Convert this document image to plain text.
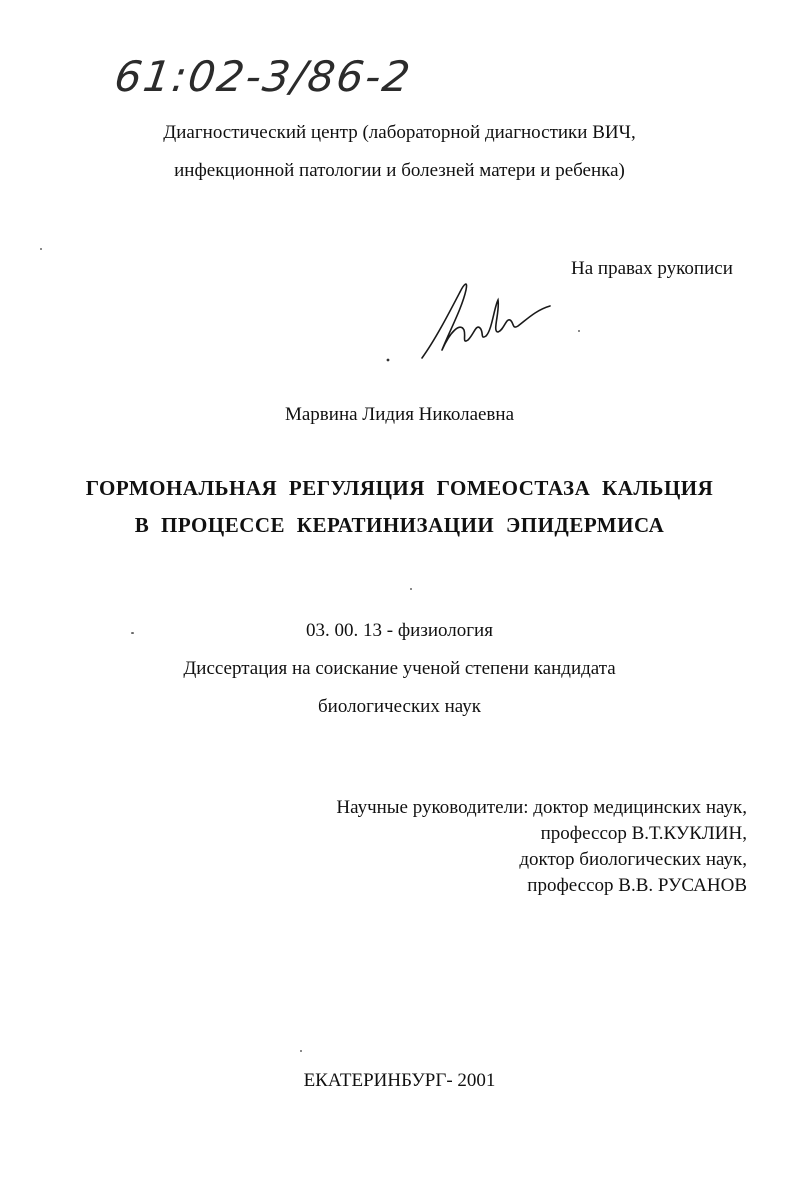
61:02-3/86-2
Диагностический центр (лабораторной диагностики ВИЧ,
инфекционной патологии и болезней матери и ребенка)
На правах рукописи
Марвина Лидия Николаевна
ГОРМОНАЛЬНАЯ РЕГУЛЯЦИЯ ГОМЕОСТАЗА КАЛЬЦИЯ
В ПРОЦЕССЕ КЕРАТИНИЗАЦИИ ЭПИДЕРМИСА
03. 00. 13 - физиология
Диссертация на соискание ученой степени кандидата
биологических наук
Научные руководители: доктор медицинских наук,
профессор В.Т.КУКЛИН,
доктор биологических наук,
профессор В.В. РУСАНОВ
ЕКАТЕРИНБУРГ- 2001
